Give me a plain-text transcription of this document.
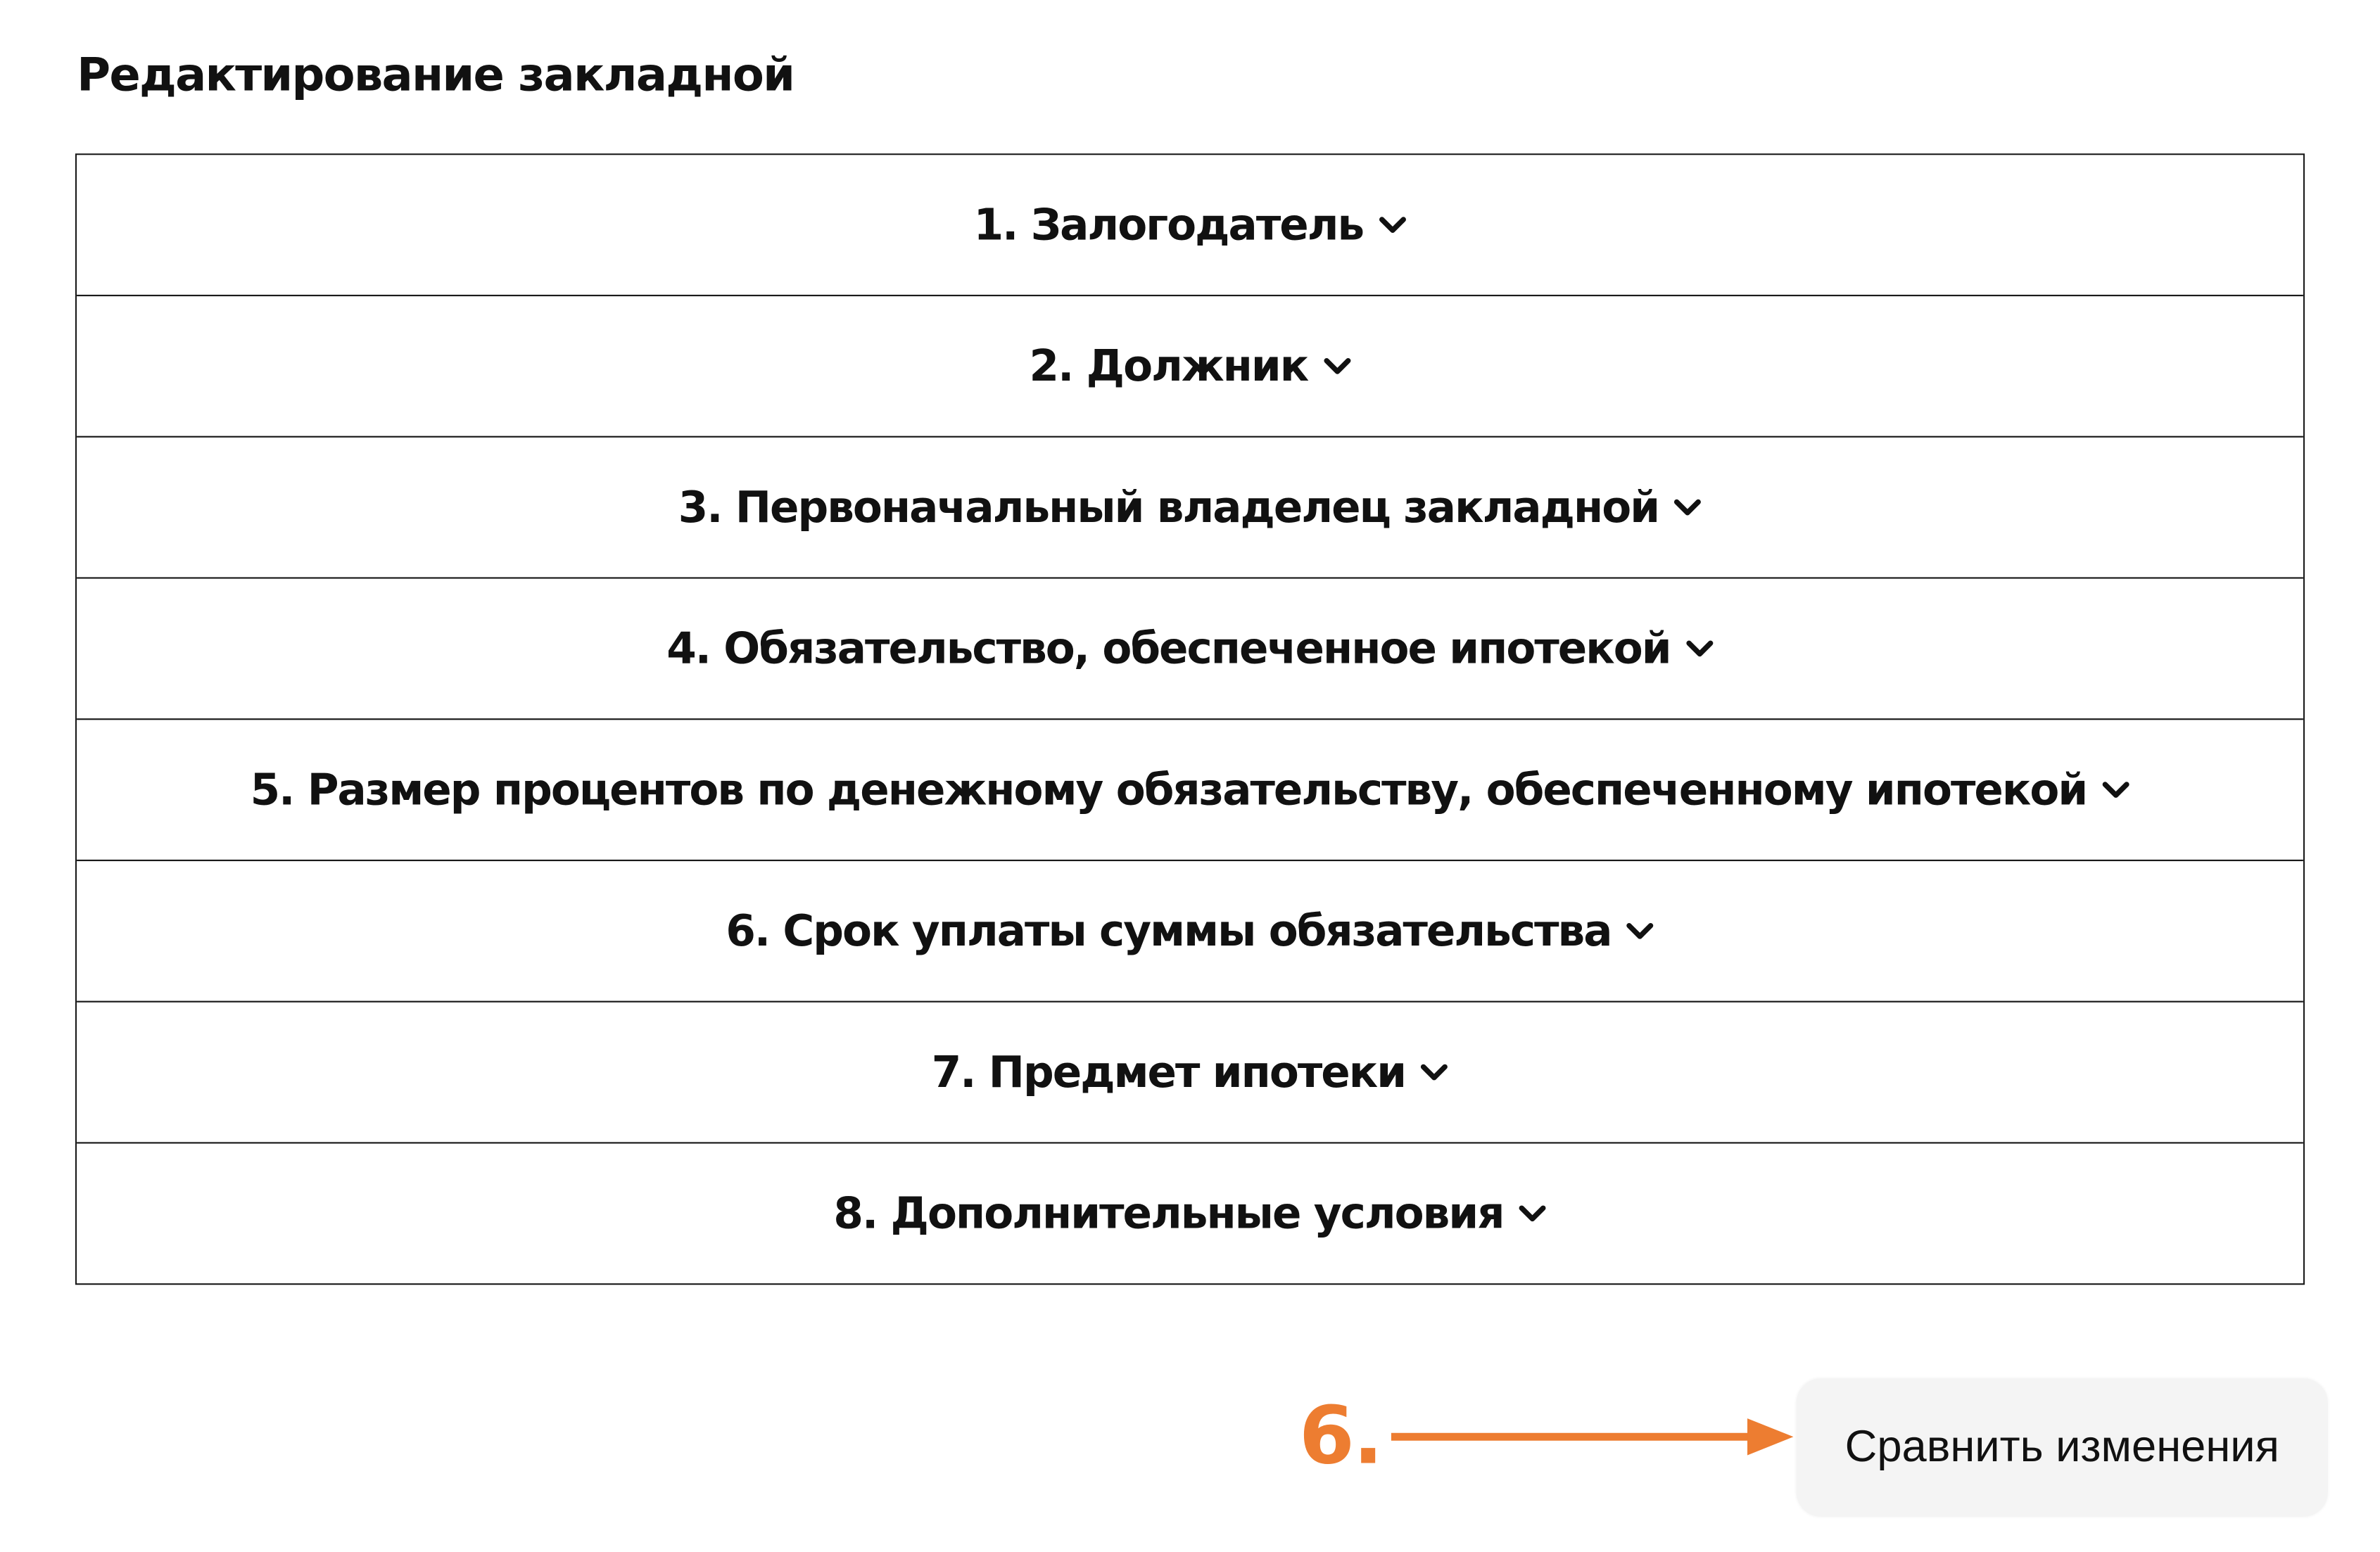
Редактирование закладной
1. Залогодатель
2. Должник
3. Первоначальный владелец закладной
4. Обязательство, обеспеченное ипотекой
5. Размер процентов по денежному обязательству, обеспеченному ипотекой
6. Срок уплаты суммы обязательства
7. Предмет ипотеки
8. Дополнительные условия
6.	Сравнить изменения
